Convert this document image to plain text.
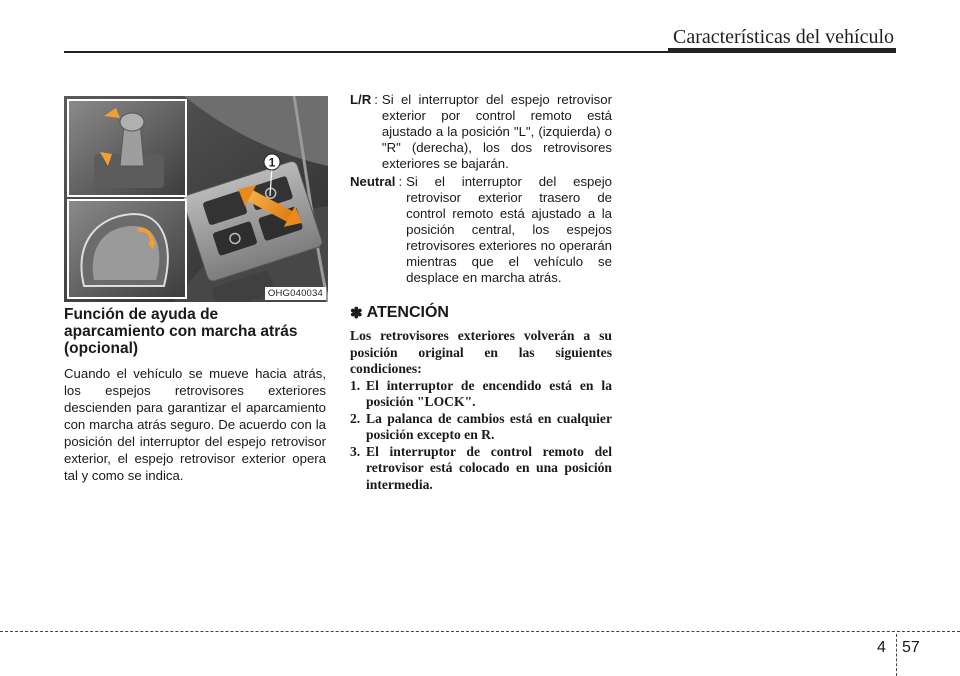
Características del vehículo
1
OHG040034
Función de ayuda de aparcamiento con marcha atrás (opcional)

Cuando el vehículo se mueve hacia atrás, los espejos retrovisores exteriores descienden para garantizar el aparcamiento con marcha atrás seguro. De acuerdo con la posición del interruptor del espejo retrovisor exterior, el espejo retrovisor exterior opera tal y como se indica.

L/R : Si el interruptor del espejo retrovisor exterior por control remoto está ajustado a la posición "L", (izquierda) o "R" (derecha), los dos retrovisores exteriores se bajarán.
Neutral : Si el interruptor del espejo retrovisor exterior trasero de control remoto está ajustado a la posición central, los espejos retrovisores exteriores no operarán mientras que el vehículo se desplace en marcha atrás.
✽ ATENCIÓN

Los retrovisores exteriores volverán a su posición original en las siguientes condiciones:

1. El interruptor de encendido está en la posición "LOCK".
2. La palanca de cambios está en cualquier posición excepto en R.
3. El interruptor de control remoto del retrovisor está colocado en una posición intermedia.
4 57
